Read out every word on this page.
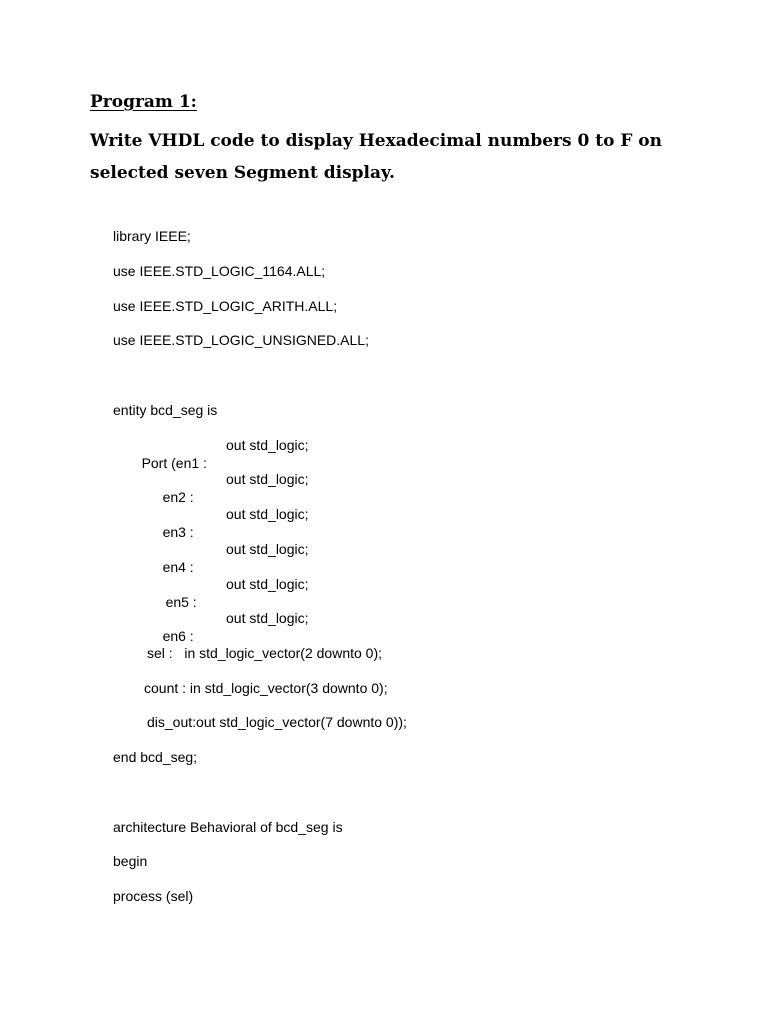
Program 1:

Write VHDL code to display Hexadecimal numbers 0 to F on selected seven Segment display.

library IEEE;
use IEEE.STD_LOGIC_1164.ALL;
use IEEE.STD_LOGIC_ARITH.ALL;
use IEEE.STD_LOGIC_UNSIGNED.ALL;
entity bcd_seg is

Port (en1 :

out std_logic;

en2 :

out std_logic;

en3 :

out std_logic;

en4 :

out std_logic;

en5 :

out std_logic;

en6 :

out std_logic;

sel :   in std_logic_vector(2 downto 0);
count : in std_logic_vector(3 downto 0);
dis_out:out std_logic_vector(7 downto 0));
end bcd_seg;
architecture Behavioral of bcd_seg is
begin
process (sel)
